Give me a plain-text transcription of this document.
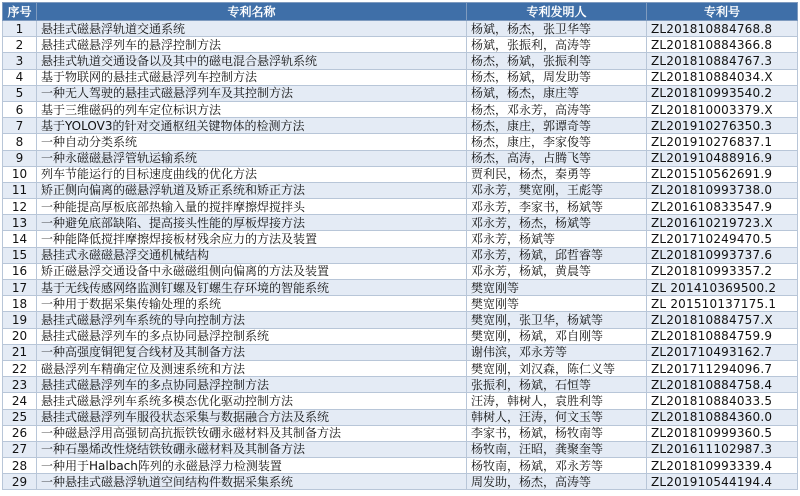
序号	专利名称	专利发明人	专利号
1	悬挂式磁悬浮轨道交通系统	杨斌，杨杰，张卫华等	ZL201810884768.8
2	悬挂式磁悬浮列车的悬浮控制方法	杨斌，张振利，高涛等	ZL201810884366.8
3	悬挂式轨道交通设备以及其中的磁电混合悬浮轨系统	杨杰，杨斌，张振利等	ZL201810884767.3
4	基于物联网的悬挂式磁悬浮列车控制方法	杨杰，杨斌，周发助等	ZL201810884034.X
5	一种无人驾驶的悬挂式磁悬浮列车及其控制方法	杨斌，杨杰，康庄等	ZL201810993540.2
6	基于三维磁码的列车定位标识方法	杨杰，邓永芳，高涛等	ZL201810003379.X
7	基于YOLOV3的针对交通枢纽关键物体的检测方法	杨杰，康庄，郭谭奇等	ZL201910276350.3
8	一种自动分类系统	杨杰，康庄，李家俊等	ZL201910276837.1
9	一种永磁磁悬浮管轨运输系统	杨杰，高涛，占腾飞等	ZL201910488916.9
10	列车节能运行的目标速度曲线的优化方法	贾利民，杨杰，秦勇等	ZL201510562691.9
11	矫正侧向偏离的磁悬浮轨道及矫正系统和矫正方法	邓永芳，樊宽刚，王彪等	ZL201810993738.0
12	一种能提高厚板底部热输入量的搅拌摩擦焊搅拌头	邓永芳，李家书，杨斌等	ZL201610833547.9
13	一种避免底部缺陷、提高接头性能的厚板焊接方法	邓永芳，杨杰，杨斌等	ZL201610219723.X
14	一种能降低搅拌摩擦焊接板材残余应力的方法及装置	邓永芳，杨斌等	ZL201710249470.5
15	悬挂式永磁磁悬浮交通机械结构	邓永芳，杨斌，邱哲睿等	ZL201810993737.6
16	矫正磁悬浮交通设备中永磁磁组侧向偏离的方法及装置	邓永芳，杨斌，黄晨等	ZL201810993357.2
17	基于无线传感网络监测钉螺及钉螺生存环境的智能系统	樊宽刚等	ZL 201410369500.2
18	一种用于数据采集传输处理的系统	樊宽刚等	ZL 201510137175.1
19	悬挂式磁悬浮列车系统的导向控制方法	樊宽刚，张卫华，杨斌等	ZL201810884757.X
20	悬挂式磁悬浮列车的多点协同悬浮控制系统	樊宽刚，杨斌，邓自刚等	ZL201810884759.9
21	一种高强度铜钯复合线材及其制备方法	谢伟滨，邓永芳等	ZL201710493162.7
22	磁悬浮列车精确定位及测速系统和方法	樊宽刚，刘汉森，陈仁义等	ZL201711294096.7
23	悬挂式磁悬浮列车的多点协同悬浮控制方法	张振利，杨斌，石恒等	ZL201810884758.4
24	悬挂式磁悬浮列车系统多模态优化驱动控制方法	汪涛，韩树人，袁胜利等	ZL201810884033.5
25	悬挂式磁悬浮列车服役状态采集与数据融合方法及系统	韩树人，汪涛，何文玉等	ZL201810884360.0
26	一种磁悬浮用高强韧高抗振铁钕硼永磁材料及其制备方法	李家书，杨斌，杨牧南等	ZL201810999360.5
27	一种石墨烯改性烧结铁钕硼永磁材料及其制备方法	杨牧南，汪昭，龚聚奎等	ZL201611102987.3
28	一种用于Halbach阵列的永磁悬浮力检测装置	杨牧南，杨斌，邓永芳等	ZL201810993339.4
29	一种悬挂式磁悬浮轨道空间结构件数据采集系统	周发助，杨杰，高涛等	ZL201910544194.4
